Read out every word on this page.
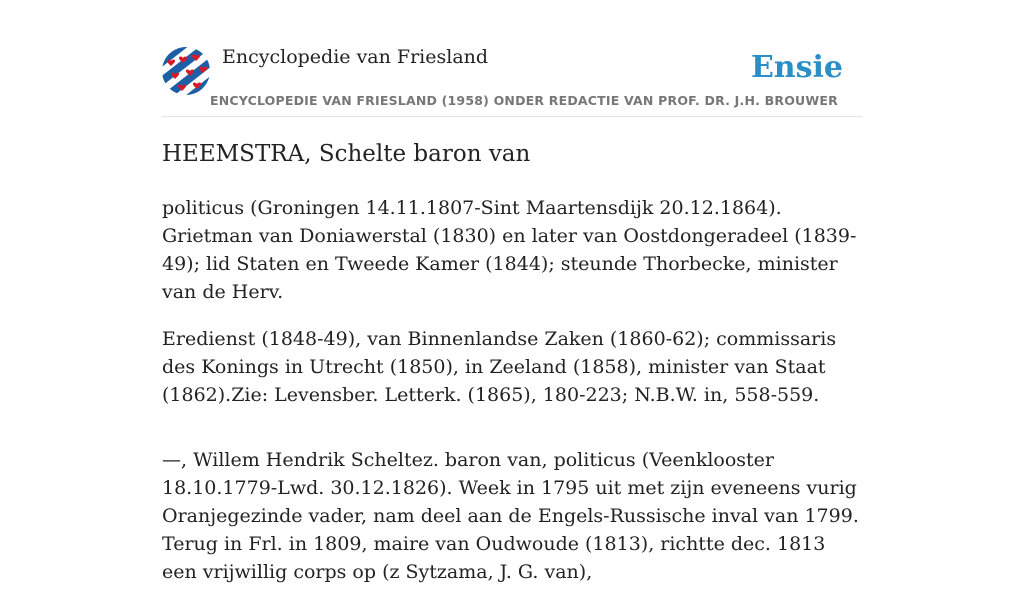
Encyclopedie van Friesland	Ensie
ENCYCLOPEDIE VAN FRIESLAND (1958) ONDER REDACTIE VAN PROF. DR. J.H. BROUWER
HEEMSTRA, Schelte baron van

politicus (Groningen 14.11.1807-Sint Maartensdijk 20.12.1864). Grietman van Doniawerstal (1830) en later van Oostdongeradeel (1839-49); lid Staten en Tweede Kamer (1844); steunde Thorbecke, minister van de Herv.

Eredienst (1848-49), van Binnenlandse Zaken (1860-62); commissaris des Konings in Utrecht (1850), in Zeeland (1858), minister van Staat (1862).Zie: Levensber. Letterk. (1865), 180-223; N.B.W. in, 558-559.

—, Willem Hendrik Scheltez. baron van, politicus (Veenklooster 18.10.1779-Lwd. 30.12.1826). Week in 1795 uit met zijn eveneens vurig Oranjegezinde vader, nam deel aan de Engels-Russische inval van 1799. Terug in Frl. in 1809, maire van Oudwoude (1813), richtte dec. 1813 een vrijwillig corps op (z Sytzama, J. G. van),
